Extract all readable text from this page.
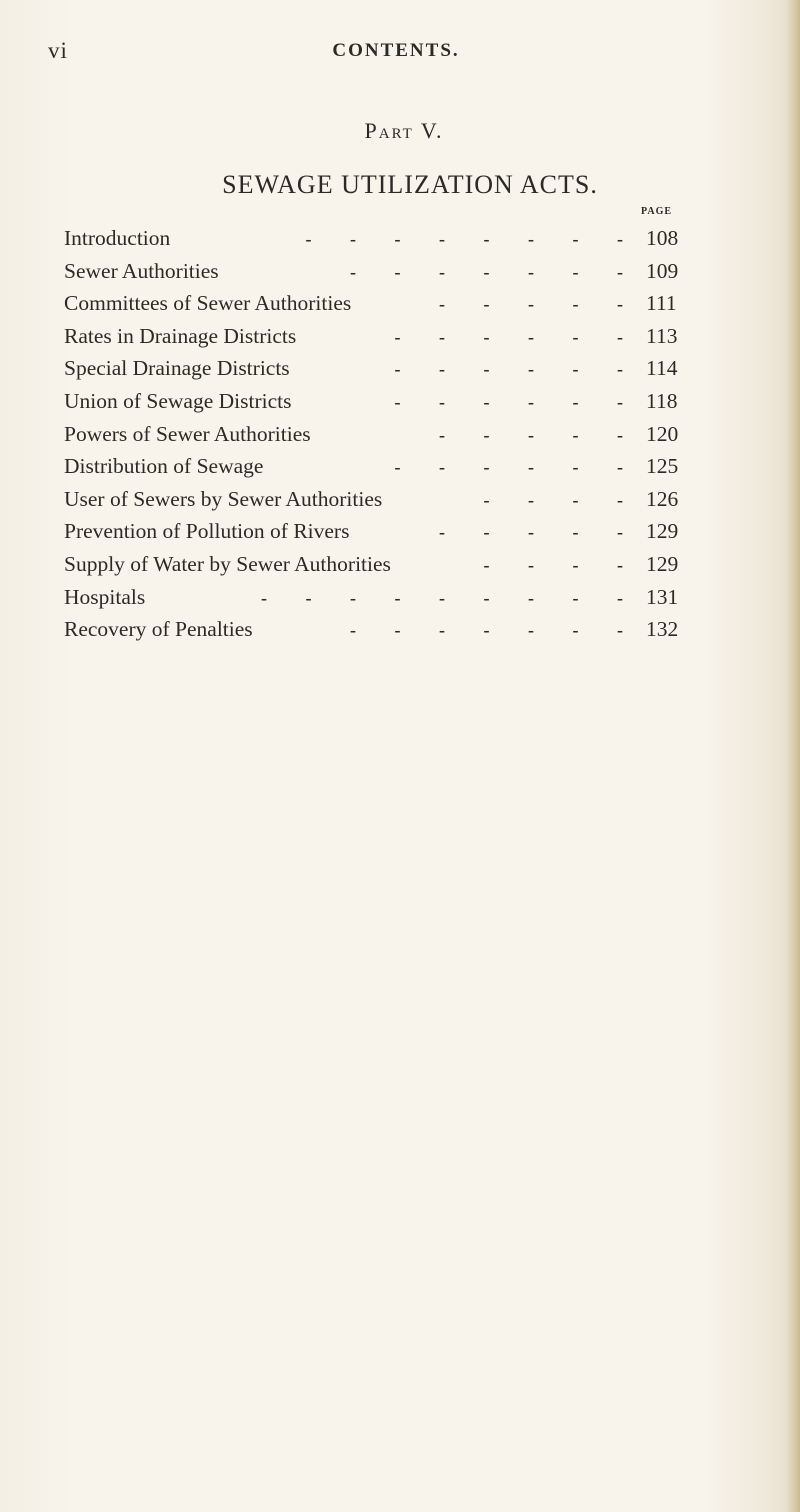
vi	CONTENTS.
Part V.
SEWAGE UTILIZATION ACTS.
PAGE
Introduction	- - - - - - - - 108
Sewer Authorities	- - - - - - - 109
Committees of Sewer Authorities	- - - - - 111
Rates in Drainage Districts	- - - - - - 113
Special Drainage Districts	- - - - - - 114
Union of Sewage Districts	- - - - - - 118
Powers of Sewer Authorities	- - - - - 120
Distribution of Sewage	- - - - - - 125
User of Sewers by Sewer Authorities	- - - - 126
Prevention of Pollution of Rivers	- - - - - 129
Supply of Water by Sewer Authorities	- - - - 129
Hospitals	- - - - - - - - - 131
Recovery of Penalties	- - - - - - - 132
